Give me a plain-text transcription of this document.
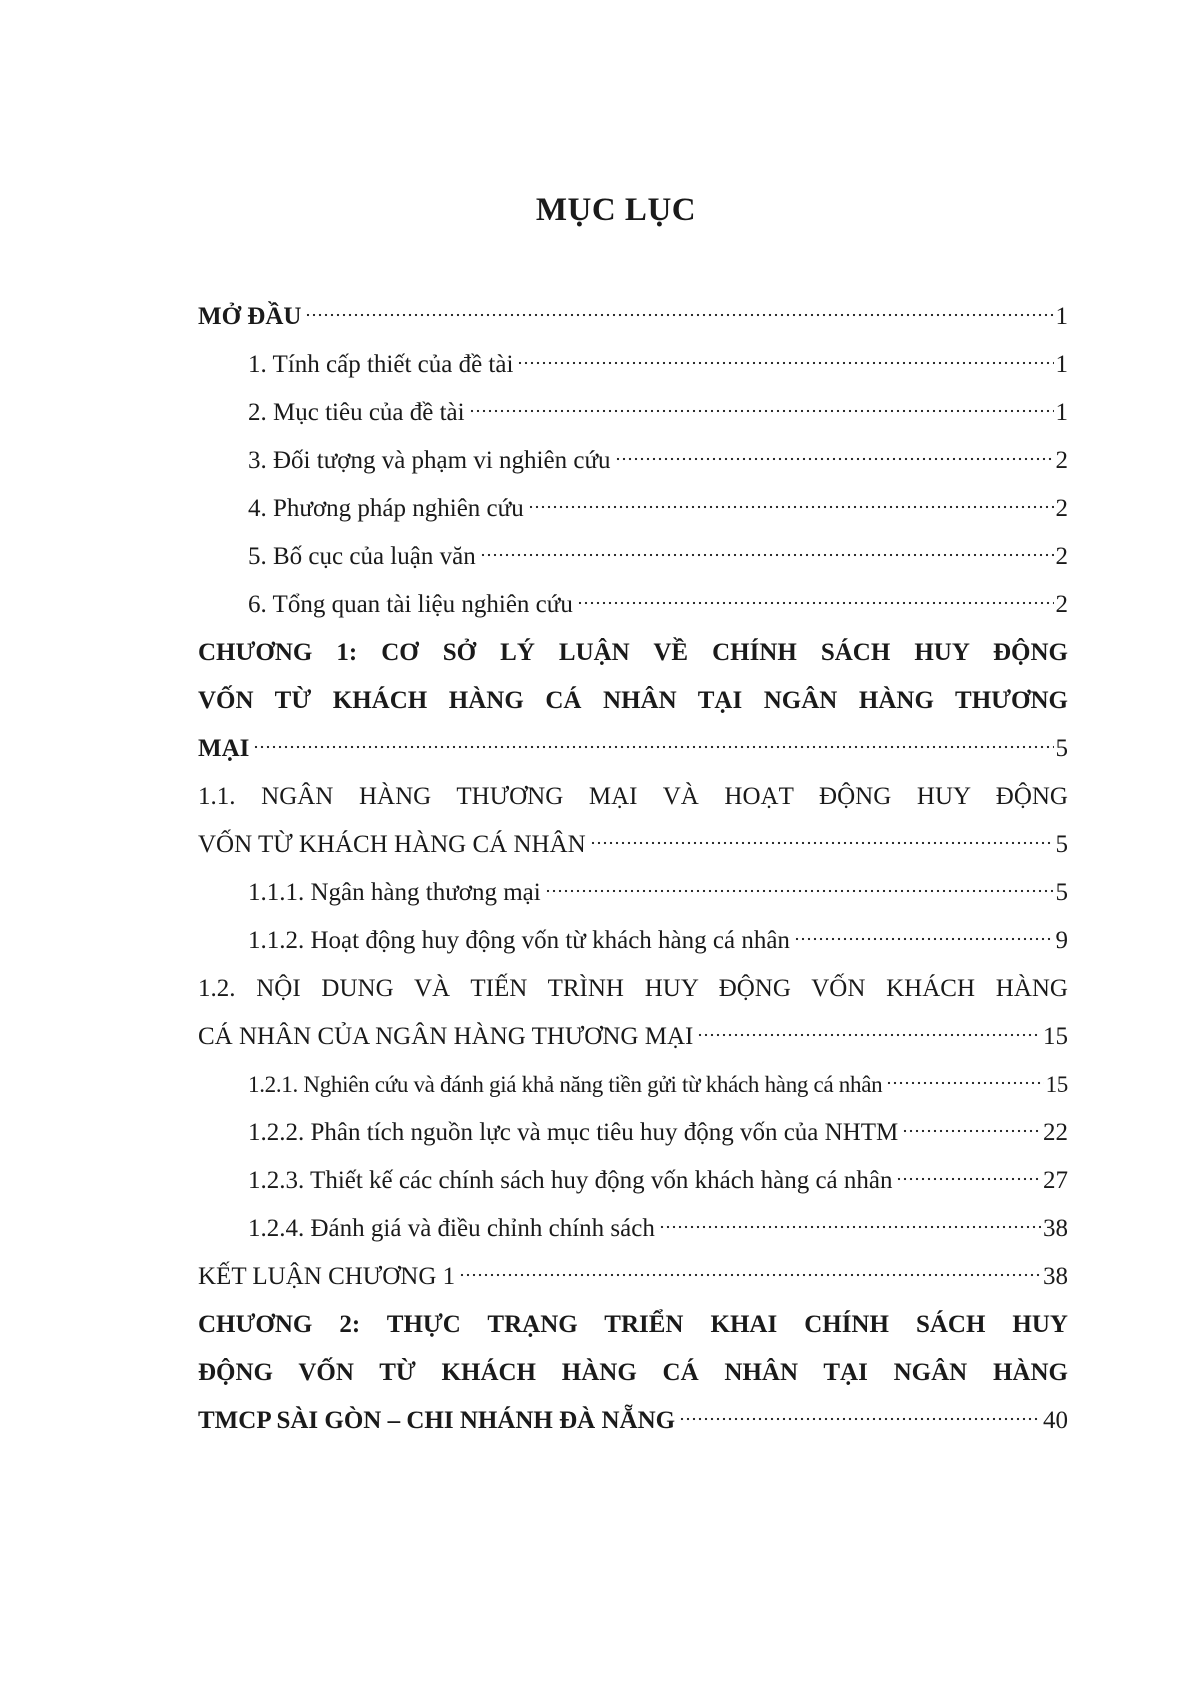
MỤC LỤC
MỞ ĐẦU	1
1. Tính cấp thiết của đề tài	1
2. Mục tiêu của đề tài	1
3. Đối tượng và phạm vi nghiên cứu	2
4. Phương pháp nghiên cứu	2
5. Bố cục của luận văn	2
6. Tổng quan tài liệu nghiên cứu	2
CHƯƠNG 1: CƠ SỞ LÝ LUẬN VỀ CHÍNH SÁCH HUY ĐỘNG
VỐN TỪ KHÁCH HÀNG CÁ NHÂN TẠI NGÂN HÀNG THƯƠNG
MẠI	5
1.1. NGÂN HÀNG THƯƠNG MẠI VÀ HOẠT ĐỘNG HUY ĐỘNG
VỐN TỪ KHÁCH HÀNG CÁ NHÂN	5
1.1.1. Ngân hàng thương mại	5
1.1.2. Hoạt động huy động vốn từ khách hàng cá nhân	9
1.2. NỘI DUNG VÀ TIẾN TRÌNH HUY ĐỘNG VỐN KHÁCH HÀNG
CÁ NHÂN CỦA NGÂN HÀNG THƯƠNG MẠI	15
1.2.1. Nghiên cứu và đánh giá khả năng tiền gửi từ khách hàng cá nhân	15
1.2.2. Phân tích nguồn lực và mục tiêu huy động vốn của NHTM	22
1.2.3. Thiết kế các chính sách huy động vốn khách hàng cá nhân	27
1.2.4. Đánh giá và điều chỉnh chính sách	38
KẾT LUẬN CHƯƠNG 1	38
CHƯƠNG 2: THỰC TRẠNG TRIỂN KHAI CHÍNH SÁCH HUY
ĐỘNG VỐN TỪ KHÁCH HÀNG CÁ NHÂN TẠI NGÂN HÀNG
TMCP SÀI GÒN – CHI NHÁNH ĐÀ NẴNG	40
